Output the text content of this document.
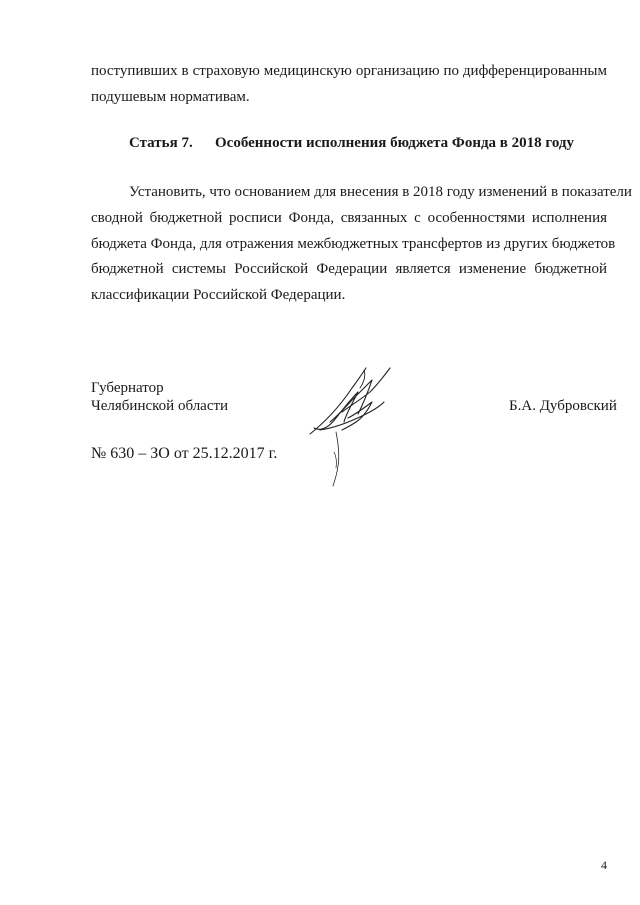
поступивших в страховую медицинскую организацию по дифференцированным
подушевым нормативам.
Статья 7. Особенности исполнения бюджета Фонда в 2018 году
Установить, что основанием для внесения в 2018 году изменений в показатели
сводной бюджетной росписи Фонда, связанных с особенностями исполнения
бюджета Фонда, для отражения межбюджетных трансфертов из других бюджетов
бюджетной системы Российской Федерации является изменение бюджетной
классификации Российской Федерации.
Губернатор
Челябинской области	Б.А. Дубровский
№ 630 – ЗО от 25.12.2017 г.
4
